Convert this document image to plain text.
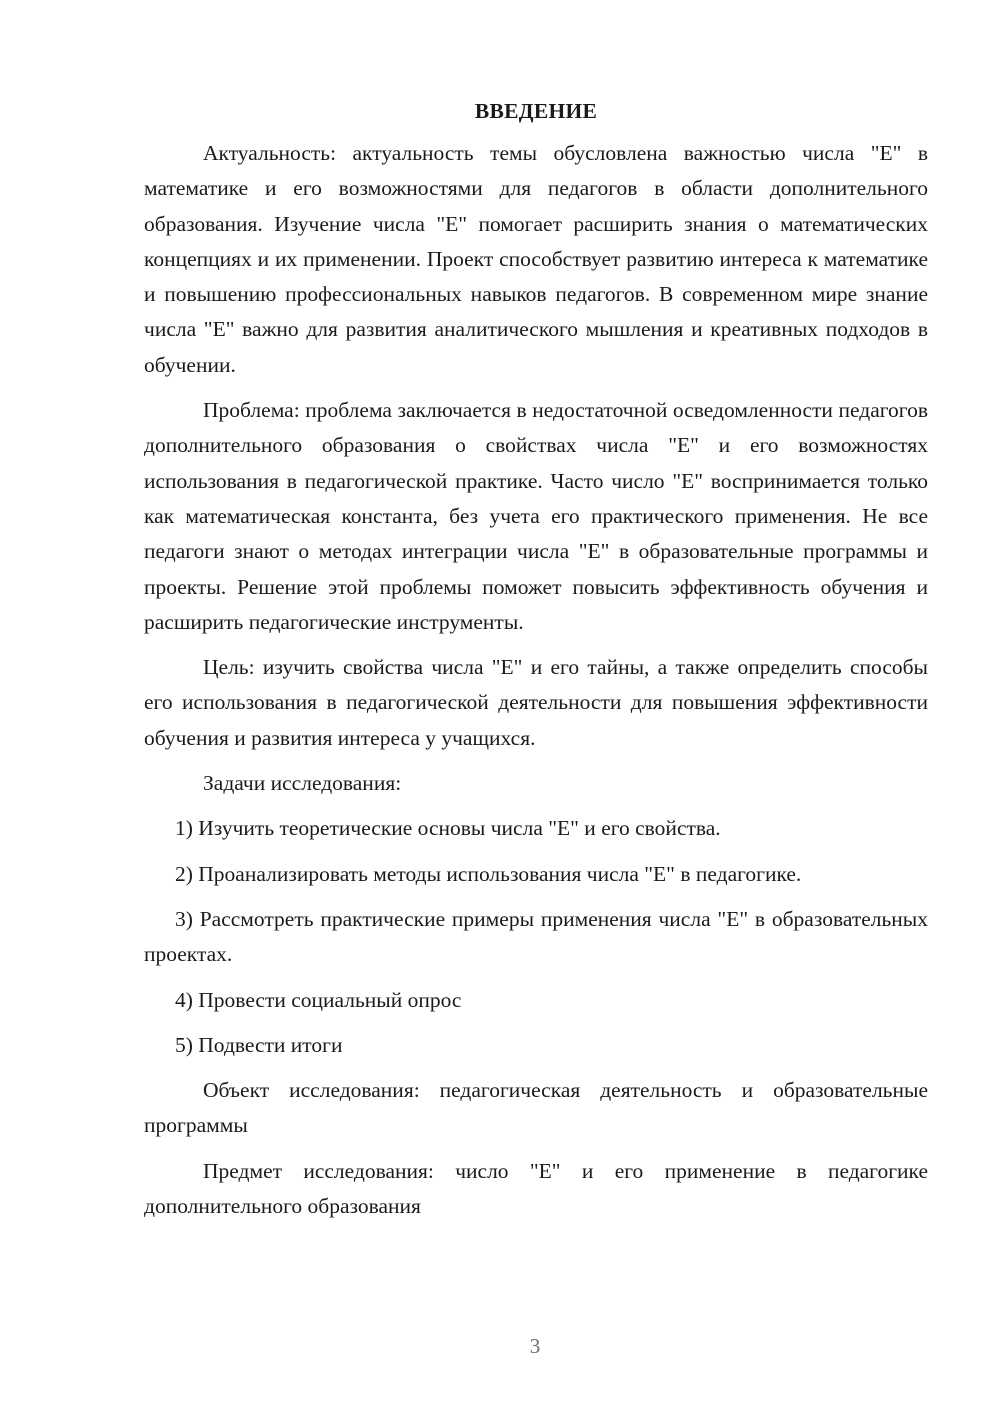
ВВЕДЕНИЕ

Актуальность: актуальность темы обусловлена важностью числа "E" в математике и его возможностями для педагогов в области дополнительного образования. Изучение числа "E" помогает расширить знания о математических концепциях и их применении. Проект способствует развитию интереса к математике и повышению профессиональных навыков педагогов. В современном мире знание числа "E" важно для развития аналитического мышления и креативных подходов в обучении.

Проблема: проблема заключается в недостаточной осведомленности педагогов дополнительного образования о свойствах числа "E" и его возможностях использования в педагогической практике. Часто число "E" воспринимается только как математическая константа, без учета его практического применения. Не все педагоги знают о методах интеграции числа "E" в образовательные программы и проекты. Решение этой проблемы поможет повысить эффективность обучения и расширить педагогические инструменты.

Цель: изучить свойства числа "E" и его тайны, а также определить способы его использования в педагогической деятельности для повышения эффективности обучения и развития интереса у учащихся.

Задачи исследования:

1) Изучить теоретические основы числа "E" и его свойства.

2) Проанализировать методы использования числа "E" в педагогике.

3) Рассмотреть практические примеры применения числа "E" в образовательных проектах.

4) Провести социальный опрос

5) Подвести итоги

Объект исследования: педагогическая деятельность и образовательные программы

Предмет исследования: число "E" и его применение в педагогике дополнительного образования

3
